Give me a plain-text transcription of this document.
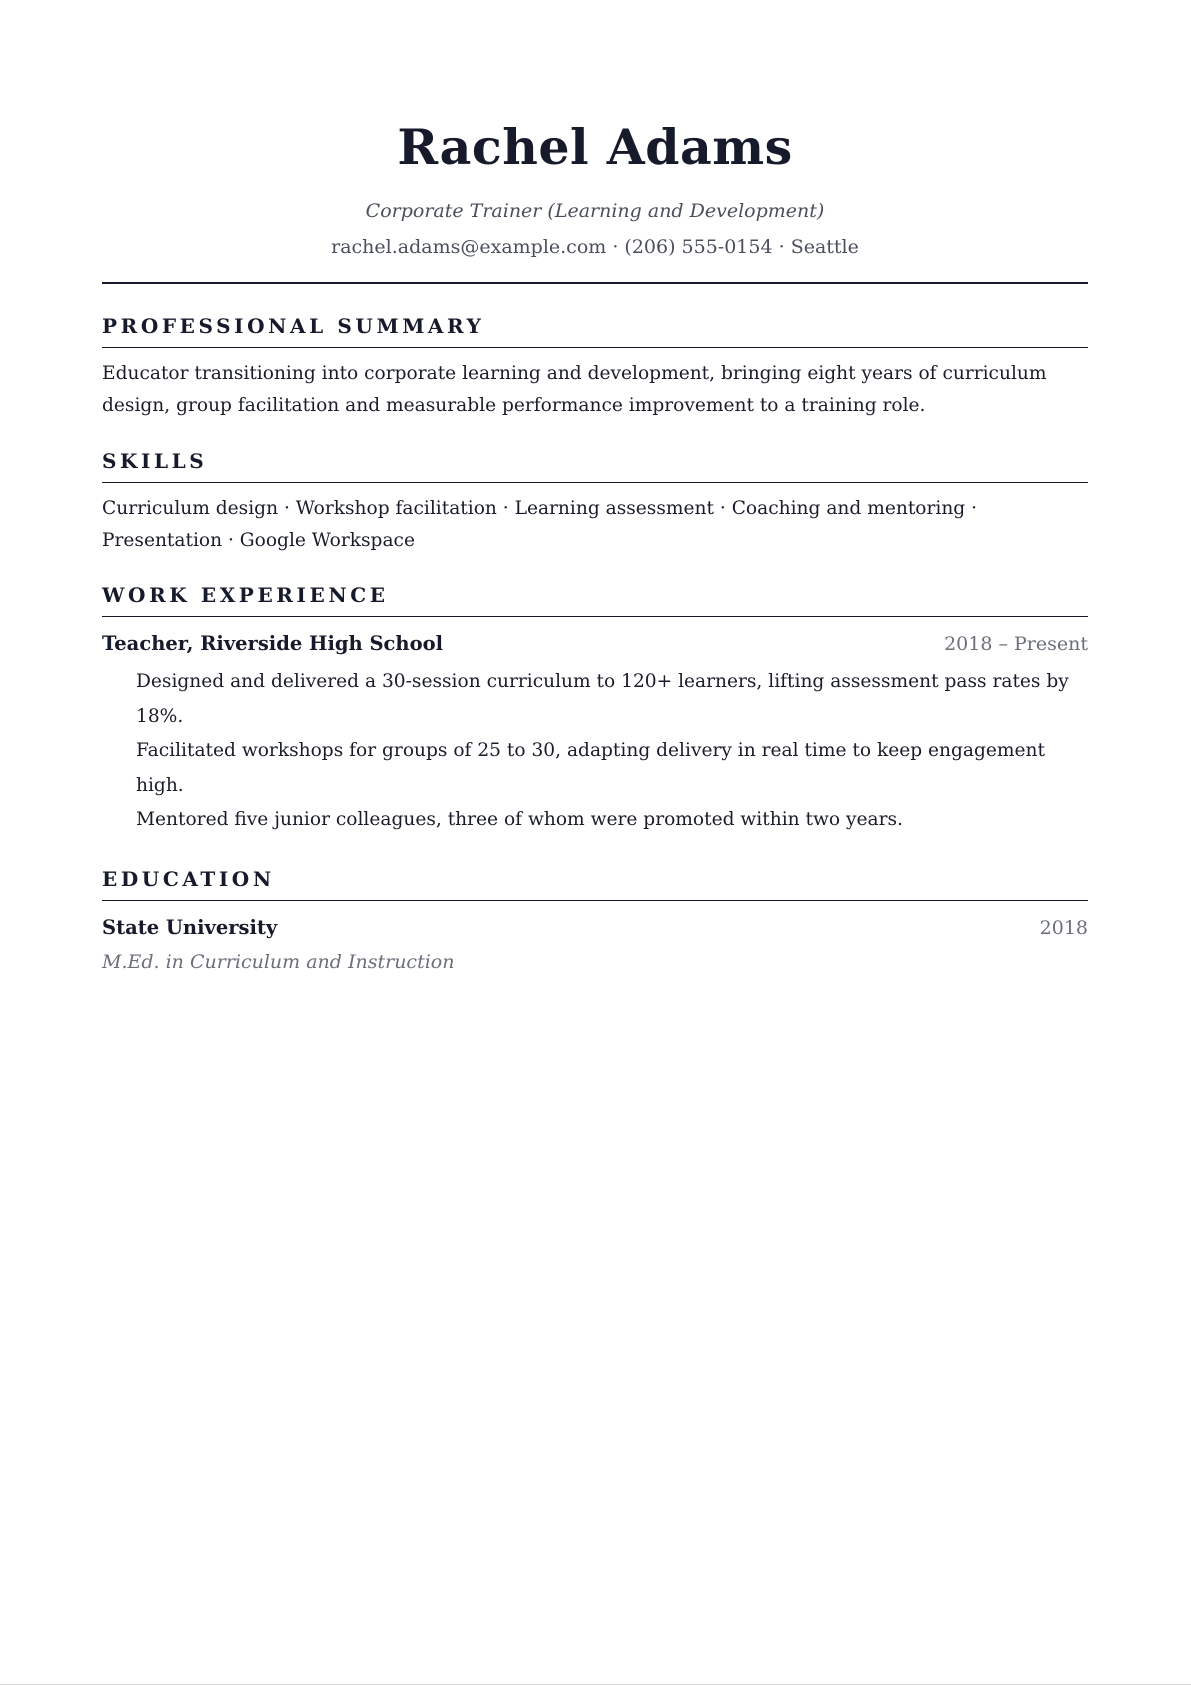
Rachel Adams
Corporate Trainer (Learning and Development)
rachel.adams@example.com · (206) 555-0154 · Seattle
PROFESSIONAL SUMMARY
Educator transitioning into corporate learning and development, bringing eight years of curriculum design, group facilitation and measurable performance improvement to a training role.
SKILLS
Curriculum design · Workshop facilitation · Learning assessment · Coaching and mentoring · Presentation · Google Workspace
WORK EXPERIENCE
Teacher, Riverside High School	2018 – Present
Designed and delivered a 30-session curriculum to 120+ learners, lifting assessment pass rates by 18%.
Facilitated workshops for groups of 25 to 30, adapting delivery in real time to keep engagement high.
Mentored five junior colleagues, three of whom were promoted within two years.
EDUCATION
State University	2018
M.Ed. in Curriculum and Instruction
